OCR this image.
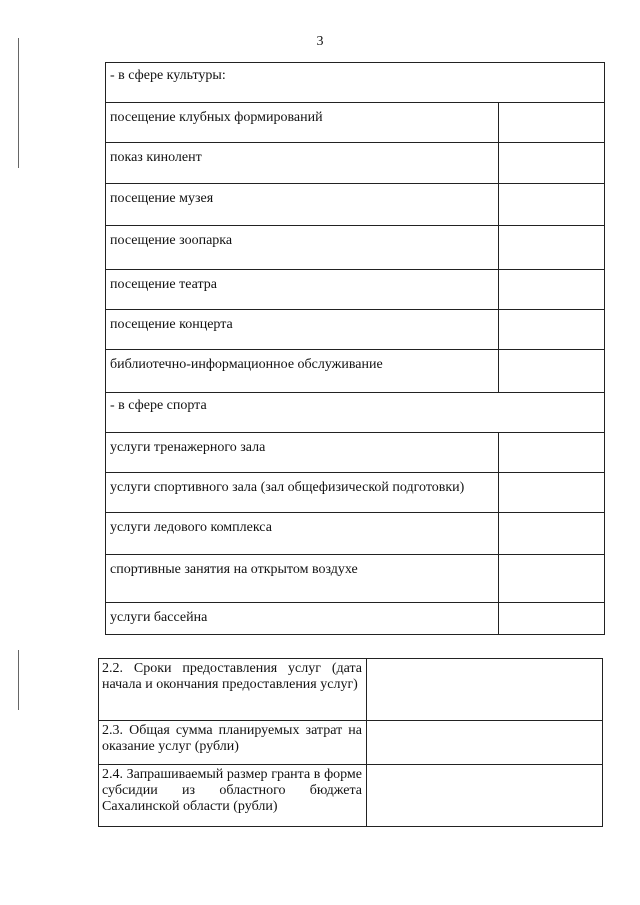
3
- в сфере культуры:	
посещение клубных формирований	
показ кинолент	
посещение музея	
посещение зоопарка	
посещение театра	
посещение концерта	
библиотечно-информационное обслуживание	
- в сфере спорта	
услуги тренажерного зала	
услуги спортивного зала (зал общефизической подготовки)	
услуги ледового комплекса	
спортивные занятия на открытом воздухе	
услуги бассейна	
2.2. Сроки предоставления услуг (дата начала и окончания предоставления услуг)	
2.3. Общая сумма планируемых затрат на оказание услуг (рубли)	
2.4. Запрашиваемый размер гранта в форме субсидии из областного бюджета Сахалинской области (рубли)	
